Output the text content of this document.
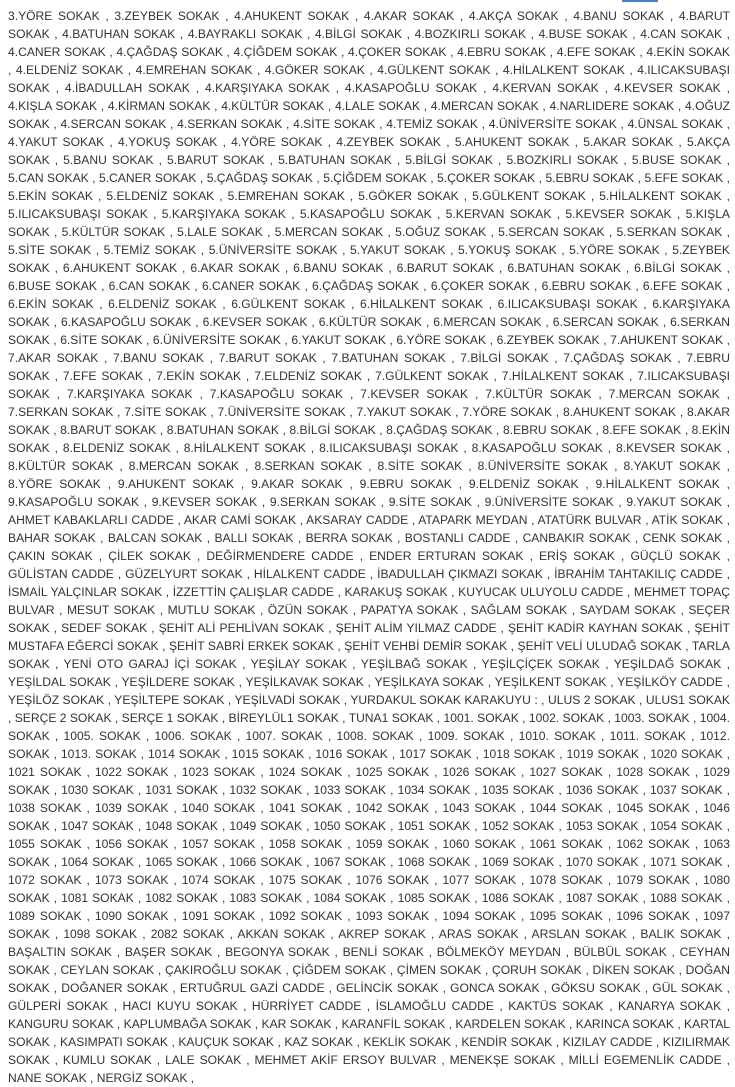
3.YÖRE SOKAK , 3.ZEYBEK SOKAK , 4.AHUKENT SOKAK , 4.AKAR SOKAK , 4.AKÇA SOKAK , 4.BANU SOKAK , 4.BARUT SOKAK , 4.BATUHAN SOKAK , 4.BAYRAKLI SOKAK , 4.BİLGİ SOKAK , 4.BOZKIRLI SOKAK , 4.BUSE SOKAK , 4.CAN SOKAK , 4.CANER SOKAK , 4.ÇAĞDAŞ SOKAK , 4.ÇİĞDEM SOKAK , 4.ÇOKER SOKAK , 4.EBRU SOKAK , 4.EFE SOKAK , 4.EKİN SOKAK , 4.ELDENİZ SOKAK , 4.EMREHAN SOKAK , 4.GÖKER SOKAK , 4.GÜLKENT SOKAK , 4.HİLALKENT SOKAK , 4.ILICAKSUBAŞI SOKAK , 4.İBADULLAH SOKAK , 4.KARŞIYAKA SOKAK , 4.KASAPOĞLU SOKAK , 4.KERVAN SOKAK , 4.KEVSER SOKAK , 4.KIŞLA SOKAK , 4.KİRMAN SOKAK , 4.KÜLTÜR SOKAK , 4.LALE SOKAK , 4.MERCAN SOKAK , 4.NARLIDERE SOKAK , 4.OĞUZ SOKAK , 4.SERCAN SOKAK , 4.SERKAN SOKAK , 4.SİTE SOKAK , 4.TEMİZ SOKAK , 4.ÜNİVERSİTE SOKAK , 4.ÜNSAL SOKAK , 4.YAKUT SOKAK , 4.YOKUŞ SOKAK , 4.YÖRE SOKAK , 4.ZEYBEK SOKAK , 5.AHUKENT SOKAK , 5.AKAR SOKAK , 5.AKÇA SOKAK , 5.BANU SOKAK , 5.BARUT SOKAK , 5.BATUHAN SOKAK , 5.BİLGİ SOKAK , 5.BOZKIRLI SOKAK , 5.BUSE SOKAK , 5.CAN SOKAK , 5.CANER SOKAK , 5.ÇAĞDAŞ SOKAK , 5.ÇİĞDEM SOKAK , 5.ÇOKER SOKAK , 5.EBRU SOKAK , 5.EFE SOKAK , 5.EKİN SOKAK , 5.ELDENİZ SOKAK , 5.EMREHAN SOKAK , 5.GÖKER SOKAK , 5.GÜLKENT SOKAK , 5.HİLALKENT SOKAK , 5.ILICAKSUBAŞI SOKAK , 5.KARŞIYAKA SOKAK , 5.KASAPOĞLU SOKAK , 5.KERVAN SOKAK , 5.KEVSER SOKAK , 5.KIŞLA SOKAK , 5.KÜLTÜR SOKAK , 5.LALE SOKAK , 5.MERCAN SOKAK , 5.OĞUZ SOKAK , 5.SERCAN SOKAK , 5.SERKAN SOKAK , 5.SİTE SOKAK , 5.TEMİZ SOKAK , 5.ÜNİVERSİTE SOKAK , 5.YAKUT SOKAK , 5.YOKUŞ SOKAK , 5.YÖRE SOKAK , 5.ZEYBEK SOKAK , 6.AHUKENT SOKAK , 6.AKAR SOKAK , 6.BANU SOKAK , 6.BARUT SOKAK , 6.BATUHAN SOKAK , 6.BİLGİ SOKAK , 6.BUSE SOKAK , 6.CAN SOKAK , 6.CANER SOKAK , 6.ÇAĞDAŞ SOKAK , 6.ÇOKER SOKAK , 6.EBRU SOKAK , 6.EFE SOKAK , 6.EKİN SOKAK , 6.ELDENİZ SOKAK , 6.GÜLKENT SOKAK , 6.HİLALKENT SOKAK , 6.ILICAKSUBAŞI SOKAK , 6.KARŞIYAKA SOKAK , 6.KASAPOĞLU SOKAK , 6.KEVSER SOKAK , 6.KÜLTÜR SOKAK , 6.MERCAN SOKAK , 6.SERCAN SOKAK , 6.SERKAN SOKAK , 6.SİTE SOKAK , 6.ÜNİVERSİTE SOKAK , 6.YAKUT SOKAK , 6.YÖRE SOKAK , 6.ZEYBEK SOKAK , 7.AHUKENT SOKAK , 7.AKAR SOKAK , 7.BANU SOKAK , 7.BARUT SOKAK , 7.BATUHAN SOKAK , 7.BİLGİ SOKAK , 7.ÇAĞDAŞ SOKAK , 7.EBRU SOKAK , 7.EFE SOKAK , 7.EKİN SOKAK , 7.ELDENİZ SOKAK , 7.GÜLKENT SOKAK , 7.HİLALKENT SOKAK , 7.ILICAKSUBAŞI SOKAK , 7.KARŞIYAKA SOKAK , 7.KASAPOĞLU SOKAK , 7.KEVSER SOKAK , 7.KÜLTÜR SOKAK , 7.MERCAN SOKAK , 7.SERKAN SOKAK , 7.SİTE SOKAK , 7.ÜNİVERSİTE SOKAK , 7.YAKUT SOKAK , 7.YÖRE SOKAK , 8.AHUKENT SOKAK , 8.AKAR SOKAK , 8.BARUT SOKAK , 8.BATUHAN SOKAK , 8.BİLGİ SOKAK , 8.ÇAĞDAŞ SOKAK , 8.EBRU SOKAK , 8.EFE SOKAK , 8.EKİN SOKAK , 8.ELDENİZ SOKAK , 8.HİLALKENT SOKAK , 8.ILICAKSUBAŞI SOKAK , 8.KASAPOĞLU SOKAK , 8.KEVSER SOKAK , 8.KÜLTÜR SOKAK , 8.MERCAN SOKAK , 8.SERKAN SOKAK , 8.SİTE SOKAK , 8.ÜNİVERSİTE SOKAK , 8.YAKUT SOKAK , 8.YÖRE SOKAK , 9.AHUKENT SOKAK , 9.AKAR SOKAK , 9.EBRU SOKAK , 9.ELDENİZ SOKAK , 9.HİLALKENT SOKAK , 9.KASAPOĞLU SOKAK , 9.KEVSER SOKAK , 9.SERKAN SOKAK , 9.SİTE SOKAK , 9.ÜNİVERSİTE SOKAK , 9.YAKUT SOKAK , AHMET KABAKLARLI CADDE , AKAR CAMİ SOKAK , AKSARAY CADDE , ATAPARK MEYDAN , ATATÜRK BULVAR , ATİK SOKAK , BAHAR SOKAK , BALCAN SOKAK , BALLI SOKAK , BERRA SOKAK , BOSTANLI CADDE , CANBAKIR SOKAK , CENK SOKAK , ÇAKIN SOKAK , ÇİLEK SOKAK , DEĞİRMENDERE CADDE , ENDER ERTURAN SOKAK , ERİŞ SOKAK , GÜÇLÜ SOKAK , GÜLİSTAN CADDE , GÜZELYURT SOKAK , HİLALKENT CADDE , İBADULLAH ÇIKMAZI SOKAK , İBRAHİM TAHTAKILIÇ CADDE , İSMAİL YALÇINLAR SOKAK , İZZETTİN ÇALIŞLAR CADDE , KARAKUŞ SOKAK , KUYUCAK ULUYOLU CADDE , MEHMET TOPAÇ BULVAR , MESUT SOKAK , MUTLU SOKAK , ÖZÜN SOKAK , PAPATYA SOKAK , SAĞLAM SOKAK , SAYDAM SOKAK , SEÇER SOKAK , SEDEF SOKAK , ŞEHİT ALİ PEHLİVAN SOKAK , ŞEHİT ALİM YILMAZ CADDE , ŞEHİT KADİR KAYHAN SOKAK , ŞEHİT MUSTAFA EĞERCİ SOKAK , ŞEHİT SABRİ ERKEK SOKAK , ŞEHİT VEHBİ DEMİR SOKAK , ŞEHİT VELİ ULUDAĞ SOKAK , TARLA SOKAK , YENİ OTO GARAJ İÇİ SOKAK , YEŞİLAY SOKAK , YEŞİLBAĞ SOKAK , YEŞİLÇİÇEK SOKAK , YEŞİLDAĞ SOKAK , YEŞİLDAL SOKAK , YEŞİLDERE SOKAK , YEŞİLKAVAK SOKAK , YEŞİLKAYA SOKAK , YEŞİLKENT SOKAK , YEŞİLKÖY CADDE , YEŞİLÖZ SOKAK , YEŞİLTEPE SOKAK , YEŞİLVADİ SOKAK , YURDAKUL SOKAK KARAKUYU : , ULUS 2 SOKAK , ULUS1 SOKAK , SERÇE 2 SOKAK , SERÇE 1 SOKAK , BİREYLÜL1 SOKAK , TUNA1 SOKAK , 1001. SOKAK , 1002. SOKAK , 1003. SOKAK , 1004. SOKAK , 1005. SOKAK , 1006. SOKAK , 1007. SOKAK , 1008. SOKAK , 1009. SOKAK , 1010. SOKAK , 1011. SOKAK , 1012. SOKAK , 1013. SOKAK , 1014 SOKAK , 1015 SOKAK , 1016 SOKAK , 1017 SOKAK , 1018 SOKAK , 1019 SOKAK , 1020 SOKAK , 1021 SOKAK , 1022 SOKAK , 1023 SOKAK , 1024 SOKAK , 1025 SOKAK , 1026 SOKAK , 1027 SOKAK , 1028 SOKAK , 1029 SOKAK , 1030 SOKAK , 1031 SOKAK , 1032 SOKAK , 1033 SOKAK , 1034 SOKAK , 1035 SOKAK , 1036 SOKAK , 1037 SOKAK , 1038 SOKAK , 1039 SOKAK , 1040 SOKAK , 1041 SOKAK , 1042 SOKAK , 1043 SOKAK , 1044 SOKAK , 1045 SOKAK , 1046 SOKAK , 1047 SOKAK , 1048 SOKAK , 1049 SOKAK , 1050 SOKAK , 1051 SOKAK , 1052 SOKAK , 1053 SOKAK , 1054 SOKAK , 1055 SOKAK , 1056 SOKAK , 1057 SOKAK , 1058 SOKAK , 1059 SOKAK , 1060 SOKAK , 1061 SOKAK , 1062 SOKAK , 1063 SOKAK , 1064 SOKAK , 1065 SOKAK , 1066 SOKAK , 1067 SOKAK , 1068 SOKAK , 1069 SOKAK , 1070 SOKAK , 1071 SOKAK , 1072 SOKAK , 1073 SOKAK , 1074 SOKAK , 1075 SOKAK , 1076 SOKAK , 1077 SOKAK , 1078 SOKAK , 1079 SOKAK , 1080 SOKAK , 1081 SOKAK , 1082 SOKAK , 1083 SOKAK , 1084 SOKAK , 1085 SOKAK , 1086 SOKAK , 1087 SOKAK , 1088 SOKAK , 1089 SOKAK , 1090 SOKAK , 1091 SOKAK , 1092 SOKAK , 1093 SOKAK , 1094 SOKAK , 1095 SOKAK , 1096 SOKAK , 1097 SOKAK , 1098 SOKAK , 2082 SOKAK , AKKAN SOKAK , AKREP SOKAK , ARAS SOKAK , ARSLAN SOKAK , BALIK SOKAK , BAŞALTIN SOKAK , BAŞER SOKAK , BEGONYA SOKAK , BENLİ SOKAK , BÖLMEKÖY MEYDAN , BÜLBÜL SOKAK , CEYHAN SOKAK , CEYLAN SOKAK , ÇAKIROĞLU SOKAK , ÇİĞDEM SOKAK , ÇİMEN SOKAK , ÇORUH SOKAK , DİKEN SOKAK , DOĞAN SOKAK , DOĞANER SOKAK , ERTUĞRUL GAZİ CADDE , GELİNCİK SOKAK , GONCA SOKAK , GÖKSU SOKAK , GÜL SOKAK , GÜLPERİ SOKAK , HACI KUYU SOKAK , HÜRRİYET CADDE , İSLAMOĞLU CADDE , KAKTÜS SOKAK , KANARYA SOKAK , KANGURU SOKAK , KAPLUMBAĞA SOKAK , KAR SOKAK , KARANFİL SOKAK , KARDELEN SOKAK , KARINCA SOKAK , KARTAL SOKAK , KASIMPATI SOKAK , KAUÇUK SOKAK , KAZ SOKAK , KEKLİK SOKAK , KENDİR SOKAK , KIZILAY CADDE , KIZILIRMAK SOKAK , KUMLU SOKAK , LALE SOKAK , MEHMET AKİF ERSOY BULVAR , MENEKŞE SOKAK , MİLLİ EGEMENLİK CADDE , NANE SOKAK , NERGİZ SOKAK ,
